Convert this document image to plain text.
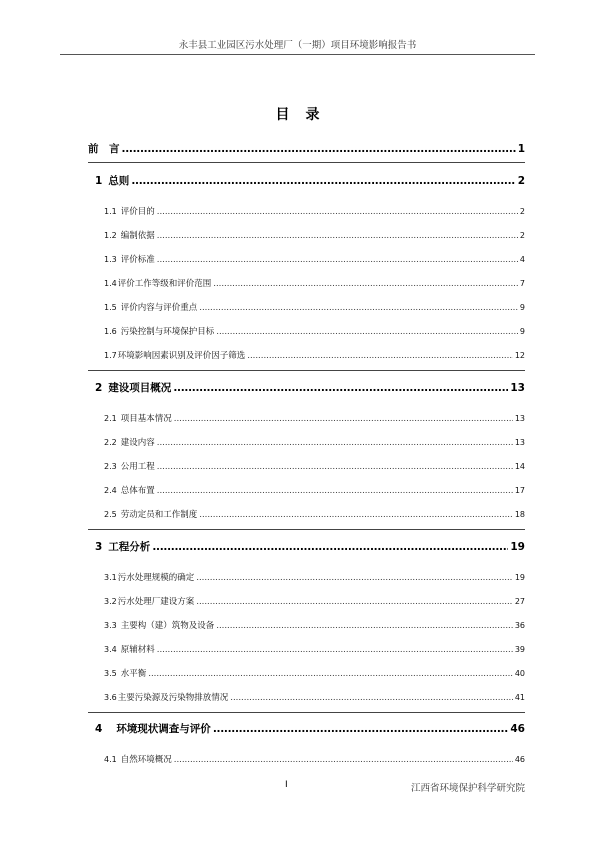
永丰县工业园区污水处理厂（一期）项目环境影响报告书
目录
前　言 .....	1
1 总则 .....	2
1.1 评价目的 .....	2
1.2 编制依据 .....	2
1.3 评价标准 .....	4
1.4 评价工作等级和评价范围 .....	7
1.5 评价内容与评价重点 .....	9
1.6 污染控制与环境保护目标 .....	9
1.7 环境影响因素识别及评价因子筛选 .....	12
2 建设项目概况 .....	13
2.1 项目基本情况 .....	13
2.2 建设内容 .....	13
2.3 公用工程 .....	14
2.4 总体布置 .....	17
2.5 劳动定员和工作制度 .....	18
3 工程分析 .....	19
3.1 污水处理规模的确定 .....	19
3.2 污水处理厂建设方案 .....	27
3.3 主要构（建）筑物及设备 .....	36
3.4 原辅材料 .....	39
3.5 水平衡 .....	40
3.6 主要污染源及污染物排放情况 .....	41
4 环境现状调查与评价 .....	46
4.1 自然环境概况 .....	46
I	江西省环境保护科学研究院
